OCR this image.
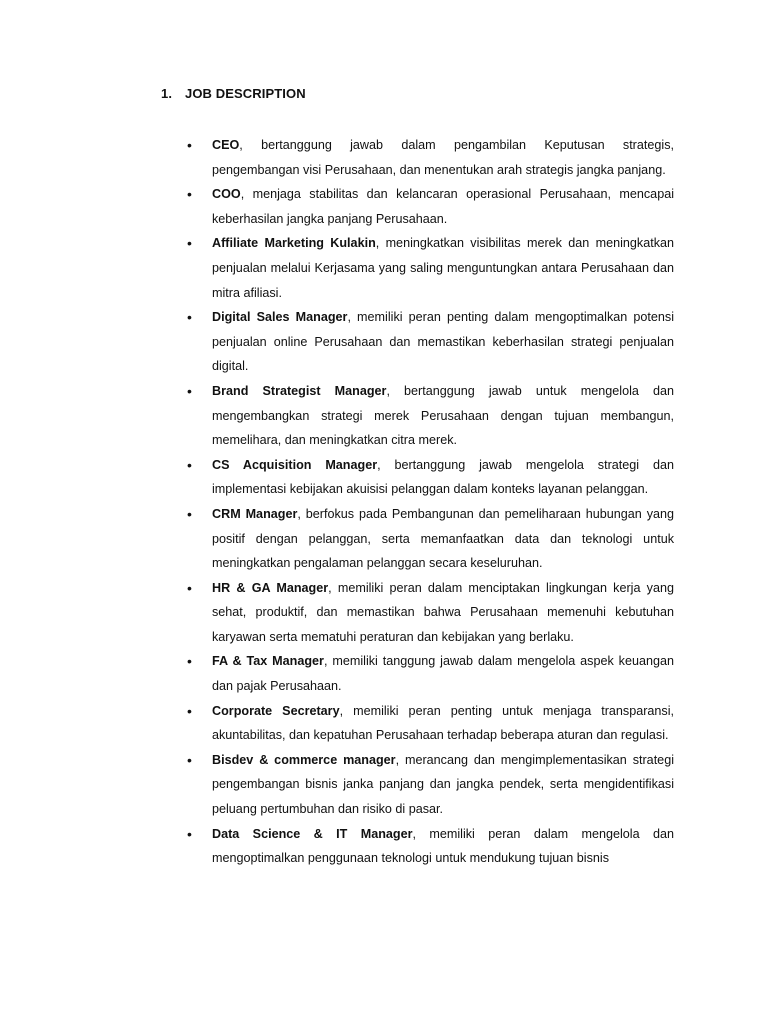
1. JOB DESCRIPTION
• CEO, bertanggung jawab dalam pengambilan Keputusan strategis, pengembangan visi Perusahaan, dan menentukan arah strategis jangka panjang.
• COO, menjaga stabilitas dan kelancaran operasional Perusahaan, mencapai keberhasilan jangka panjang Perusahaan.
• Affiliate Marketing Kulakin, meningkatkan visibilitas merek dan meningkatkan penjualan melalui Kerjasama yang saling menguntungkan antara Perusahaan dan mitra afiliasi.
• Digital Sales Manager, memiliki peran penting dalam mengoptimalkan potensi penjualan online Perusahaan dan memastikan keberhasilan strategi penjualan digital.
• Brand Strategist Manager, bertanggung jawab untuk mengelola dan mengembangkan strategi merek Perusahaan dengan tujuan membangun, memelihara, dan meningkatkan citra merek.
• CS Acquisition Manager, bertanggung jawab mengelola strategi dan implementasi kebijakan akuisisi pelanggan dalam konteks layanan pelanggan.
• CRM Manager, berfokus pada Pembangunan dan pemeliharaan hubungan yang positif dengan pelanggan, serta memanfaatkan data dan teknologi untuk meningkatkan pengalaman pelanggan secara keseluruhan.
• HR & GA Manager, memiliki peran dalam menciptakan lingkungan kerja yang sehat, produktif, dan memastikan bahwa Perusahaan memenuhi kebutuhan karyawan serta mematuhi peraturan dan kebijakan yang berlaku.
• FA & Tax Manager, memiliki tanggung jawab dalam mengelola aspek keuangan dan pajak Perusahaan.
• Corporate Secretary, memiliki peran penting untuk menjaga transparansi, akuntabilitas, dan kepatuhan Perusahaan terhadap beberapa aturan dan regulasi.
• Bisdev & commerce manager, merancang dan mengimplementasikan strategi pengembangan bisnis janka panjang dan jangka pendek, serta mengidentifikasi peluang pertumbuhan dan risiko di pasar.
• Data Science & IT Manager, memiliki peran dalam mengelola dan mengoptimalkan penggunaan teknologi untuk mendukung tujuan bisnis
